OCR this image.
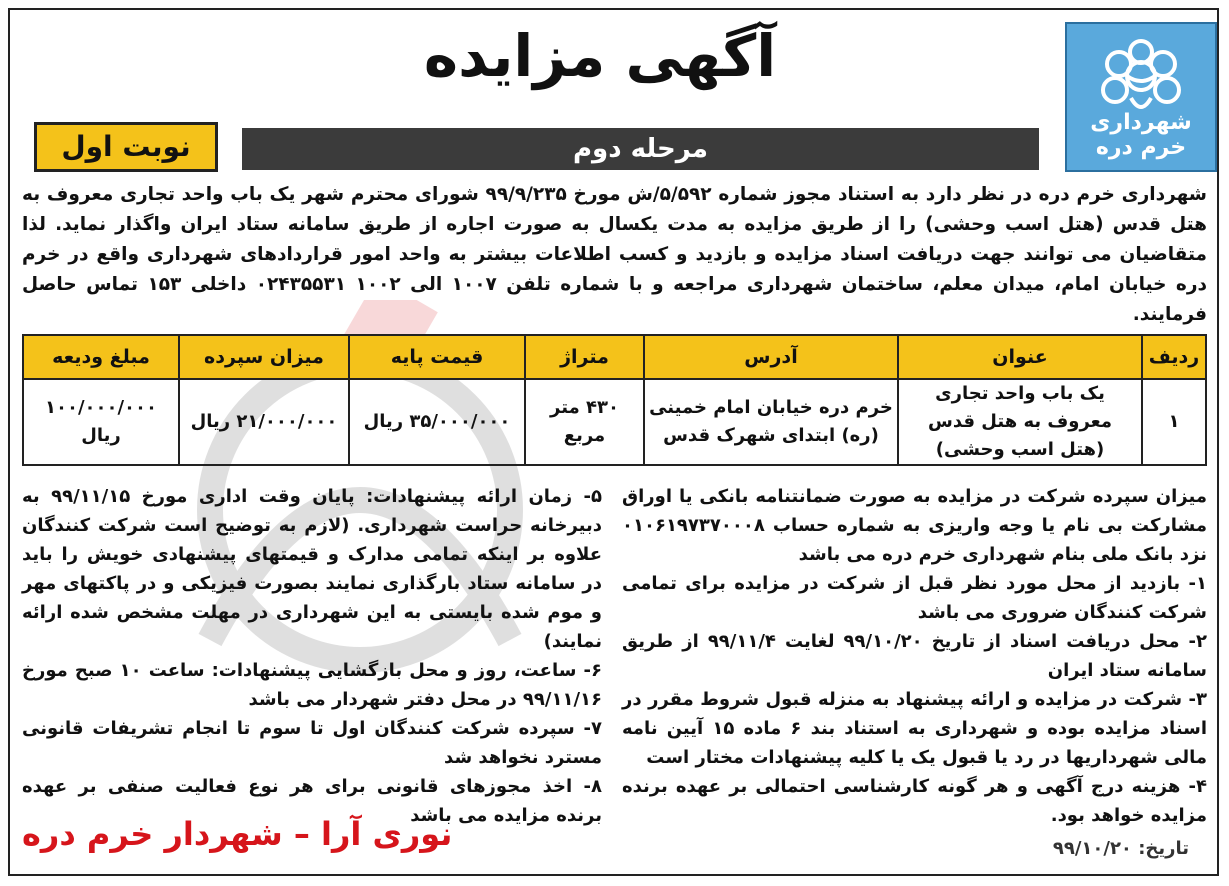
شهرداری خرم دره
آگهی مزایده
مرحله دوم
نوبت اول
شهرداری خرم دره در نظر دارد به استناد مجوز شماره ۵/۵۹۲/ش مورخ ۹۹/۹/۲۳۵ شورای محترم شهر یک باب واحد تجاری معروف به هتل قدس (هتل اسب وحشی) را از طریق مزایده به مدت یکسال به صورت اجاره از طریق سامانه ستاد ایران واگذار نماید. لذا متقاضیان می توانند جهت دریافت اسناد مزایده و بازدید و کسب اطلاعات بیشتر به واحد امور قراردادهای شهرداری واقع در خرم دره خیابان امام، میدان معلم، ساختمان شهرداری مراجعه و با شماره تلفن ۱۰۰۷ الی ۱۰۰۲ ۰۲۴۳۵۵۳۱ داخلی ۱۵۳ تماس حاصل فرمایند.
ردیف	عنوان	آدرس	متراژ	قیمت پایه	میزان سپرده	مبلغ ودیعه
۱	یک باب واحد تجاری معروف به هتل قدس (هتل اسب وحشی)	خرم دره خیابان امام خمینی (ره) ابتدای شهرک قدس	۴۳۰ متر مربع	۳۵/۰۰۰/۰۰۰ ریال	۲۱/۰۰۰/۰۰۰ ریال	۱۰۰/۰۰۰/۰۰۰ ریال

میزان سپرده شرکت در مزایده به صورت ضمانتنامه بانکی یا اوراق مشارکت بی نام یا وجه واریزی به شماره حساب ۰۱۰۶۱۹۷۳۷۰۰۰۸ نزد بانک ملی بنام شهرداری خرم دره می باشد

۱- بازدید از محل مورد نظر قبل از شرکت در مزایده برای تمامی شرکت کنندگان ضروری می باشد

۲- محل دریافت اسناد از تاریخ ۹۹/۱۰/۲۰ لغایت ۹۹/۱۱/۴ از طریق سامانه ستاد ایران

۳- شرکت در مزایده و ارائه پیشنهاد به منزله قبول شروط مقرر در اسناد مزایده بوده و شهرداری به استناد بند ۶ ماده ۱۵ آیین نامه مالی شهرداریها در رد یا قبول یک یا کلیه پیشنهادات مختار است

۴- هزینه درج آگهی و هر گونه کارشناسی احتمالی بر عهده برنده مزایده خواهد بود.

۵- زمان ارائه پیشنهادات: پایان وقت اداری مورخ ۹۹/۱۱/۱۵ به دبیرخانه حراست شهرداری. (لازم به توضیح است شرکت کنندگان علاوه بر اینکه تمامی مدارک و قیمتهای پیشنهادی خویش را باید در سامانه ستاد بارگذاری نمایند بصورت فیزیکی و در پاکتهای مهر و موم شده بایستی به این شهرداری در مهلت مشخص شده ارائه نمایند)

۶- ساعت، روز و محل بازگشایی پیشنهادات: ساعت ۱۰ صبح مورخ ۹۹/۱۱/۱۶ در محل دفتر شهردار می باشد

۷- سپرده شرکت کنندگان اول تا سوم تا انجام تشریفات قانونی مسترد نخواهد شد

۸- اخذ مجوزهای قانونی برای هر نوع فعالیت صنفی بر عهده برنده مزایده می باشد

نوری آرا – شهردار خرم دره	تاریخ: ۹۹/۱۰/۲۰
